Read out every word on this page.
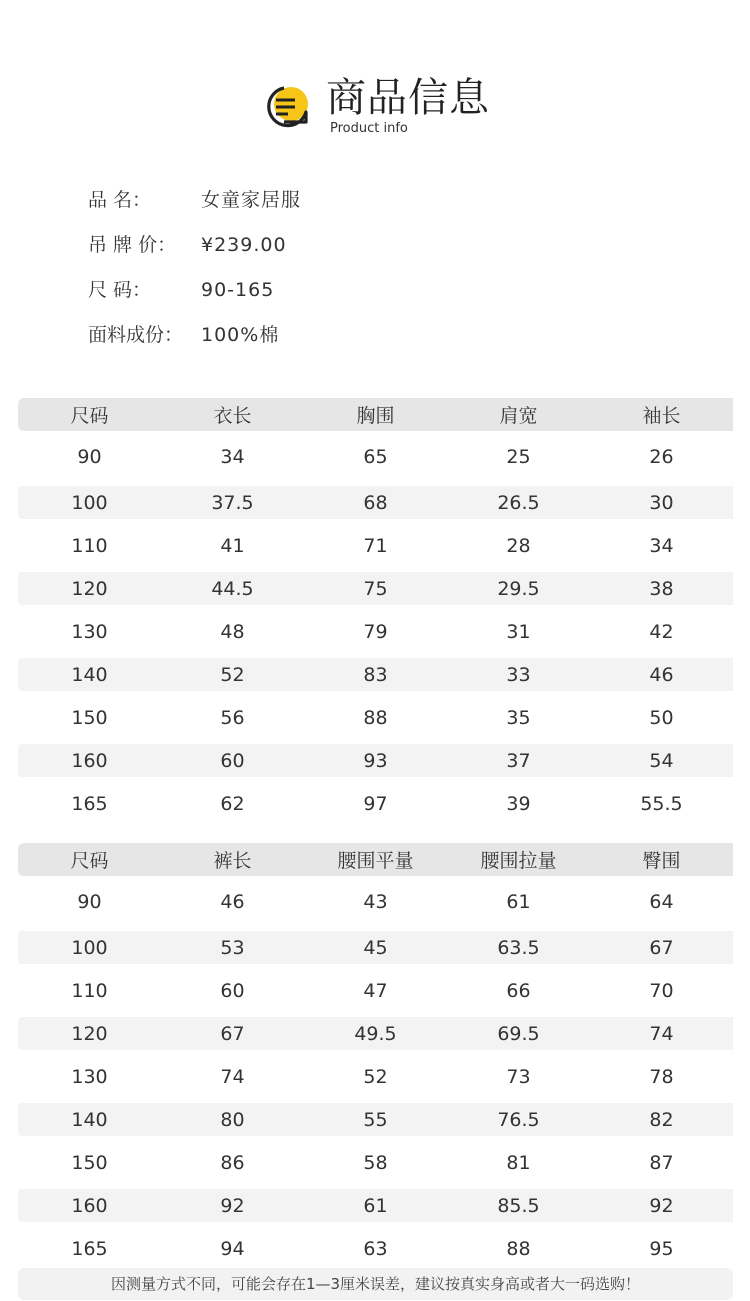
商品信息
Product info
品 名：	女童家居服
吊 牌 价：	¥239.00
尺 码：	90-165
面料成份： 100%棉
尺码	衣长	胸围	肩宽	袖长
90	34	65	25	26
100	37.5	68	26.5	30
110	41	71	28	34
120	44.5	75	29.5	38
130	48	79	31	42
140	52	83	33	46
150	56	88	35	50
160	60	93	37	54
165	62	97	39	55.5
尺码	裤长	腰围平量	腰围拉量	臀围
90	46	43	61	64
100	53	45	63.5	67
110	60	47	66	70
120	67	49.5	69.5	74
130	74	52	73	78
140	80	55	76.5	82
150	86	58	81	87
160	92	61	85.5	92
165	94	63	88	95
因测量方式不同，可能会存在1—3厘米误差，建议按真实身高或者大一码选购！
